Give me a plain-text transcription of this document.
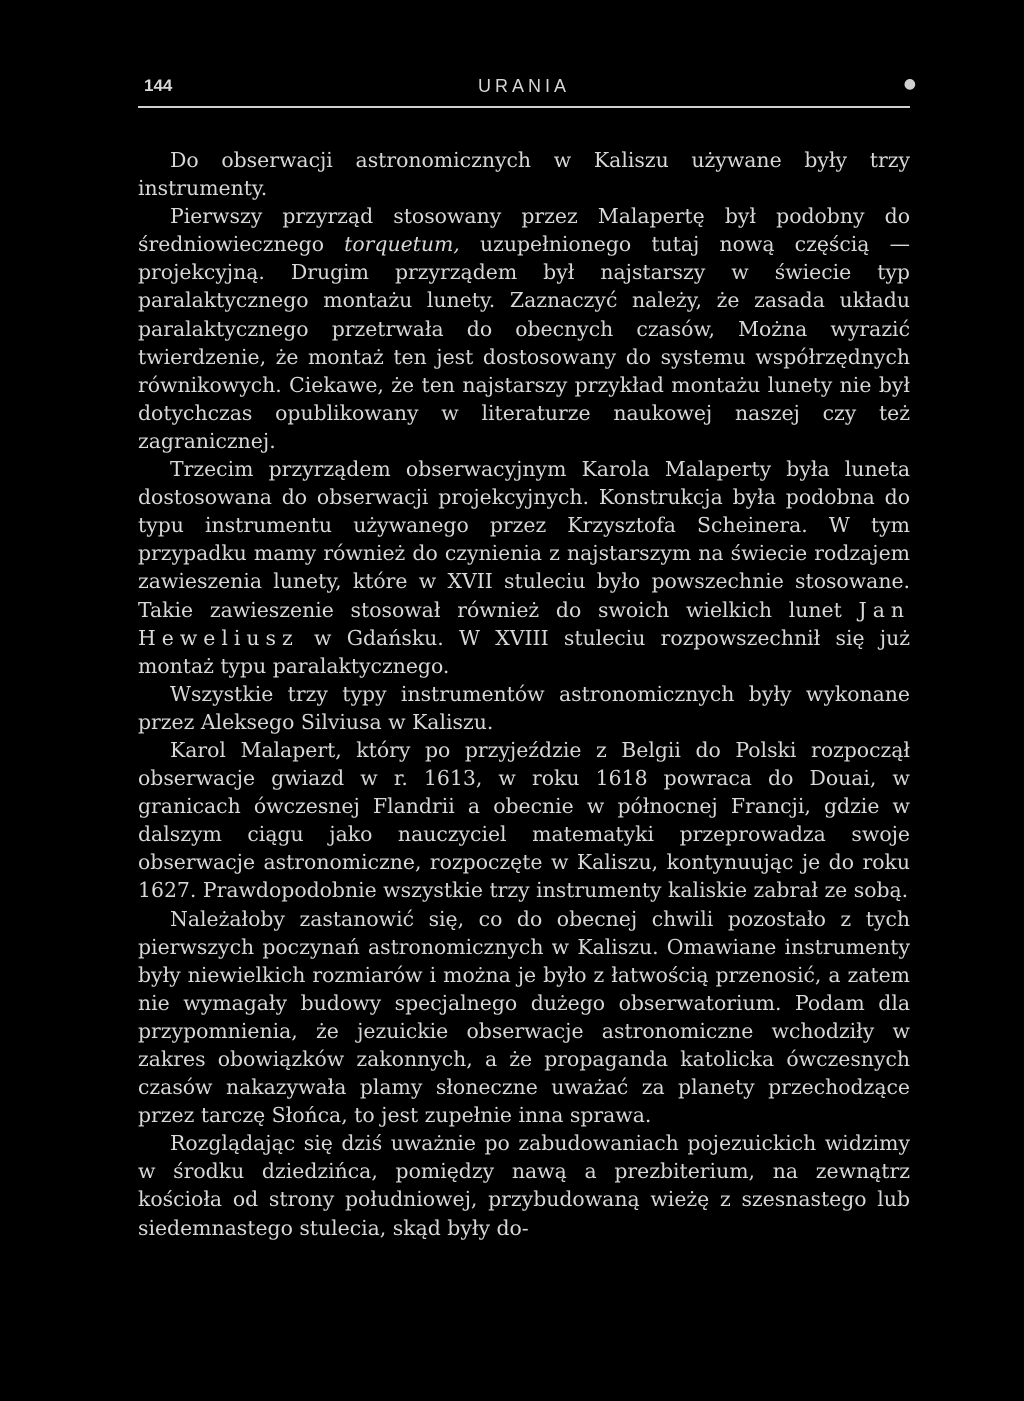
144	URANIA	●

Do obserwacji astronomicznych w Kaliszu używane były trzy instrumenty.

Pierwszy przyrząd stosowany przez Malapertę był podobny do średniowiecznego torquetum, uzupełnionego tutaj nową częścią — projekcyjną. Drugim przyrządem był najstarszy w świecie typ paralaktycznego montażu lunety. Zaznaczyć należy, że zasada układu paralaktycznego przetrwała do obecnych czasów, Można wyrazić twierdzenie, że montaż ten jest dostosowany do systemu współrzędnych równikowych. Ciekawe, że ten najstarszy przykład montażu lunety nie był dotychczas opublikowany w literaturze naukowej naszej czy też zagranicznej.

Trzecim przyrządem obserwacyjnym Karola Malaperty była luneta dostosowana do obserwacji projekcyjnych. Konstrukcja była podobna do typu instrumentu używanego przez Krzysztofa Scheinera. W tym przypadku mamy również do czynienia z najstarszym na świecie rodzajem zawieszenia lunety, które w XVII stuleciu było powszechnie stosowane. Takie zawieszenie stosował również do swoich wielkich lunet Jan Heweliusz w Gdańsku. W XVIII stuleciu rozpowszechnił się już montaż typu paralaktycznego.

Wszystkie trzy typy instrumentów astronomicznych były wykonane przez Aleksego Silviusa w Kaliszu.

Karol Malapert, który po przyjeździe z Belgii do Polski rozpoczął obserwacje gwiazd w r. 1613, w roku 1618 powraca do Douai, w granicach ówczesnej Flandrii a obecnie w północnej Francji, gdzie w dalszym ciągu jako nauczyciel matematyki przeprowadza swoje obserwacje astronomiczne, rozpoczęte w Kaliszu, kontynuując je do roku 1627. Prawdopodobnie wszystkie trzy instrumenty kaliskie zabrał ze sobą.

Należałoby zastanowić się, co do obecnej chwili pozostało z tych pierwszych poczynań astronomicznych w Kaliszu. Omawiane instrumenty były niewielkich rozmiarów i można je było z łatwością przenosić, a zatem nie wymagały budowy specjalnego dużego obserwatorium. Podam dla przypomnienia, że jezuickie obserwacje astronomiczne wchodziły w zakres obowiązków zakonnych, a że propaganda katolicka ówczesnych czasów nakazywała plamy słoneczne uważać za planety przechodzące przez tarczę Słońca, to jest zupełnie inna sprawa.

Rozglądając się dziś uważnie po zabudowaniach pojezuickich widzimy w środku dziedzińca, pomiędzy nawą a prezbiterium, na zewnątrz kościoła od strony południowej, przybudowaną wieżę z szesnastego lub siedemnastego stulecia, skąd były do-
